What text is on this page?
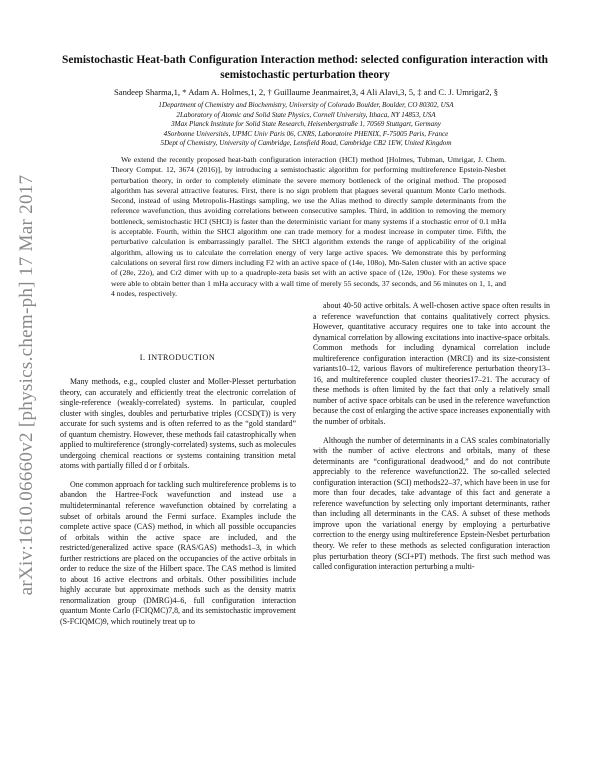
arXiv:1610.06660v2 [physics.chem-ph] 17 Mar 2017
Semistochastic Heat-bath Configuration Interaction method: selected configuration interaction with semistochastic perturbation theory
Sandeep Sharma,1, * Adam A. Holmes,1, 2, † Guillaume Jeanmairet,3, 4 Ali Alavi,3, 5, ‡ and C. J. Umrigar2, §
1Department of Chemistry and Biochemistry, University of Colorado Boulder, Boulder, CO 80302, USA
2Laboratory of Atomic and Solid State Physics, Cornell University, Ithaca, NY 14853, USA
3Max Planck Institute for Solid State Research, Heisenbergstraße 1, 70569 Stuttgart, Germany
4Sorbonne Universités, UPMC Univ Paris 06, CNRS, Laboratoire PHENIX, F-75005 Paris, France
5Dept of Chemistry, University of Cambridge, Lensfield Road, Cambridge CB2 1EW, United Kingdom
We extend the recently proposed heat-bath configuration interaction (HCI) method [Holmes, Tubman, Umrigar, J. Chem. Theory Comput. 12, 3674 (2016)], by introducing a semistochastic algorithm for performing multireference Epstein-Nesbet perturbation theory, in order to completely eliminate the severe memory bottleneck of the original method. The proposed algorithm has several attractive features. First, there is no sign problem that plagues several quantum Monte Carlo methods. Second, instead of using Metropolis-Hastings sampling, we use the Alias method to directly sample determinants from the reference wavefunction, thus avoiding correlations between consecutive samples. Third, in addition to removing the memory bottleneck, semistochastic HCI (SHCI) is faster than the deterministic variant for many systems if a stochastic error of 0.1 mHa is acceptable. Fourth, within the SHCI algorithm one can trade memory for a modest increase in computer time. Fifth, the perturbative calculation is embarrassingly parallel. The SHCI algorithm extends the range of applicability of the original algorithm, allowing us to calculate the correlation energy of very large active spaces. We demonstrate this by performing calculations on several first row dimers including F2 with an active space of (14e, 108o), Mn-Salen cluster with an active space of (28e, 22o), and Cr2 dimer with up to a quadruple-zeta basis set with an active space of (12e, 190o). For these systems we were able to obtain better than 1 mHa accuracy with a wall time of merely 55 seconds, 37 seconds, and 56 minutes on 1, 1, and 4 nodes, respectively.
I. INTRODUCTION

Many methods, e.g., coupled cluster and Moller-Plesset perturbation theory, can accurately and efficiently treat the electronic correlation of single-reference (weakly-correlated) systems. In particular, coupled cluster with singles, doubles and perturbative triples (CCSD(T)) is very accurate for such systems and is often referred to as the “gold standard” of quantum chemistry. However, these methods fail catastrophically when applied to multireference (strongly-correlated) systems, such as molecules undergoing chemical reactions or systems containing transition metal atoms with partially filled d or f orbitals.

One common approach for tackling such multireference problems is to abandon the Hartree-Fock wavefunction and instead use a multideterminantal reference wavefunction obtained by correlating a subset of orbitals around the Fermi surface. Examples include the complete active space (CAS) method, in which all possible occupancies of orbitals within the active space are included, and the restricted/generalized active space (RAS/GAS) methods1–3, in which further restrictions are placed on the occupancies of the active orbitals in order to reduce the size of the Hilbert space. The CAS method is limited to about 16 active electrons and orbitals. Other possibilities include highly accurate but approximate methods such as the density matrix renormalization group (DMRG)4–6, full configuration interaction quantum Monte Carlo (FCIQMC)7,8, and its semistochastic improvement (S-FCIQMC)9, which routinely treat up to

about 40-50 active orbitals. A well-chosen active space often results in a reference wavefunction that contains qualitatively correct physics. However, quantitative accuracy requires one to take into account the dynamical correlation by allowing excitations into inactive-space orbitals. Common methods for including dynamical correlation include multireference configuration interaction (MRCI) and its size-consistent variants10–12, various flavors of multireference perturbation theory13–16, and multireference coupled cluster theories17–21. The accuracy of these methods is often limited by the fact that only a relatively small number of active space orbitals can be used in the reference wavefunction because the cost of enlarging the active space increases exponentially with the number of orbitals.

Although the number of determinants in a CAS scales combinatorially with the number of active electrons and orbitals, many of these determinants are “configurational deadwood,” and do not contribute appreciably to the reference wavefunction22. The so-called selected configuration interaction (SCI) methods22–37, which have been in use for more than four decades, take advantage of this fact and generate a reference wavefunction by selecting only important determinants, rather than including all determinants in the CAS. A subset of these methods improve upon the variational energy by employing a perturbative correction to the energy using multireference Epstein-Nesbet perturbation theory. We refer to these methods as selected configuration interaction plus perturbation theory (SCI+PT) methods. The first such method was called configuration interaction perturbing a multi-
